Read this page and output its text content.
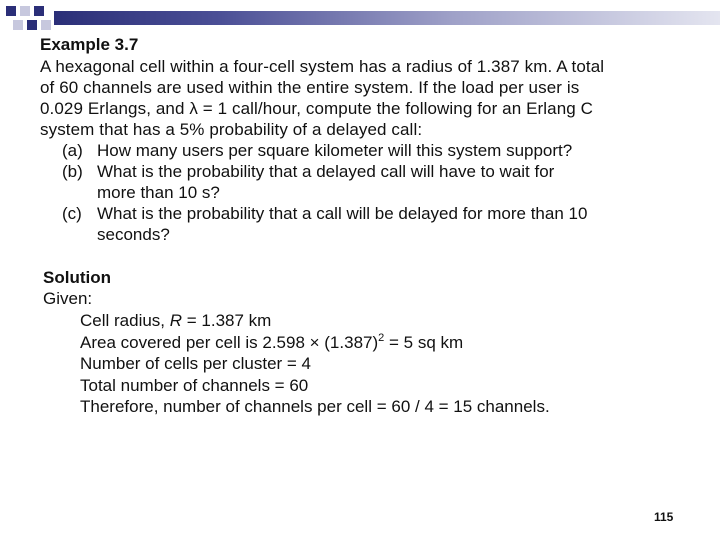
Example 3.7

A hexagonal cell within a four-cell system has a radius of 1.387 km. A total

of 60 channels are used within the entire system. If the load per user is

0.029 Erlangs, and λ = 1 call/hour, compute the following for an Erlang C

system that has a 5% probability of a delayed call:

(a) How many users per square kilometer will this system support?
(b) What is the probability that a delayed call will have to wait for
more than 10 s?
(c) What is the probability that a call will be delayed for more than 10
seconds?

Solution

Given:

Cell radius, R = 1.387 km
Area covered per cell is $2.598 \times (1.387)^2 = 5$ sq km
Number of cells per cluster = 4
Total number of channels = 60
Therefore, number of channels per cell = 60 / 4 = 15 channels.
115
